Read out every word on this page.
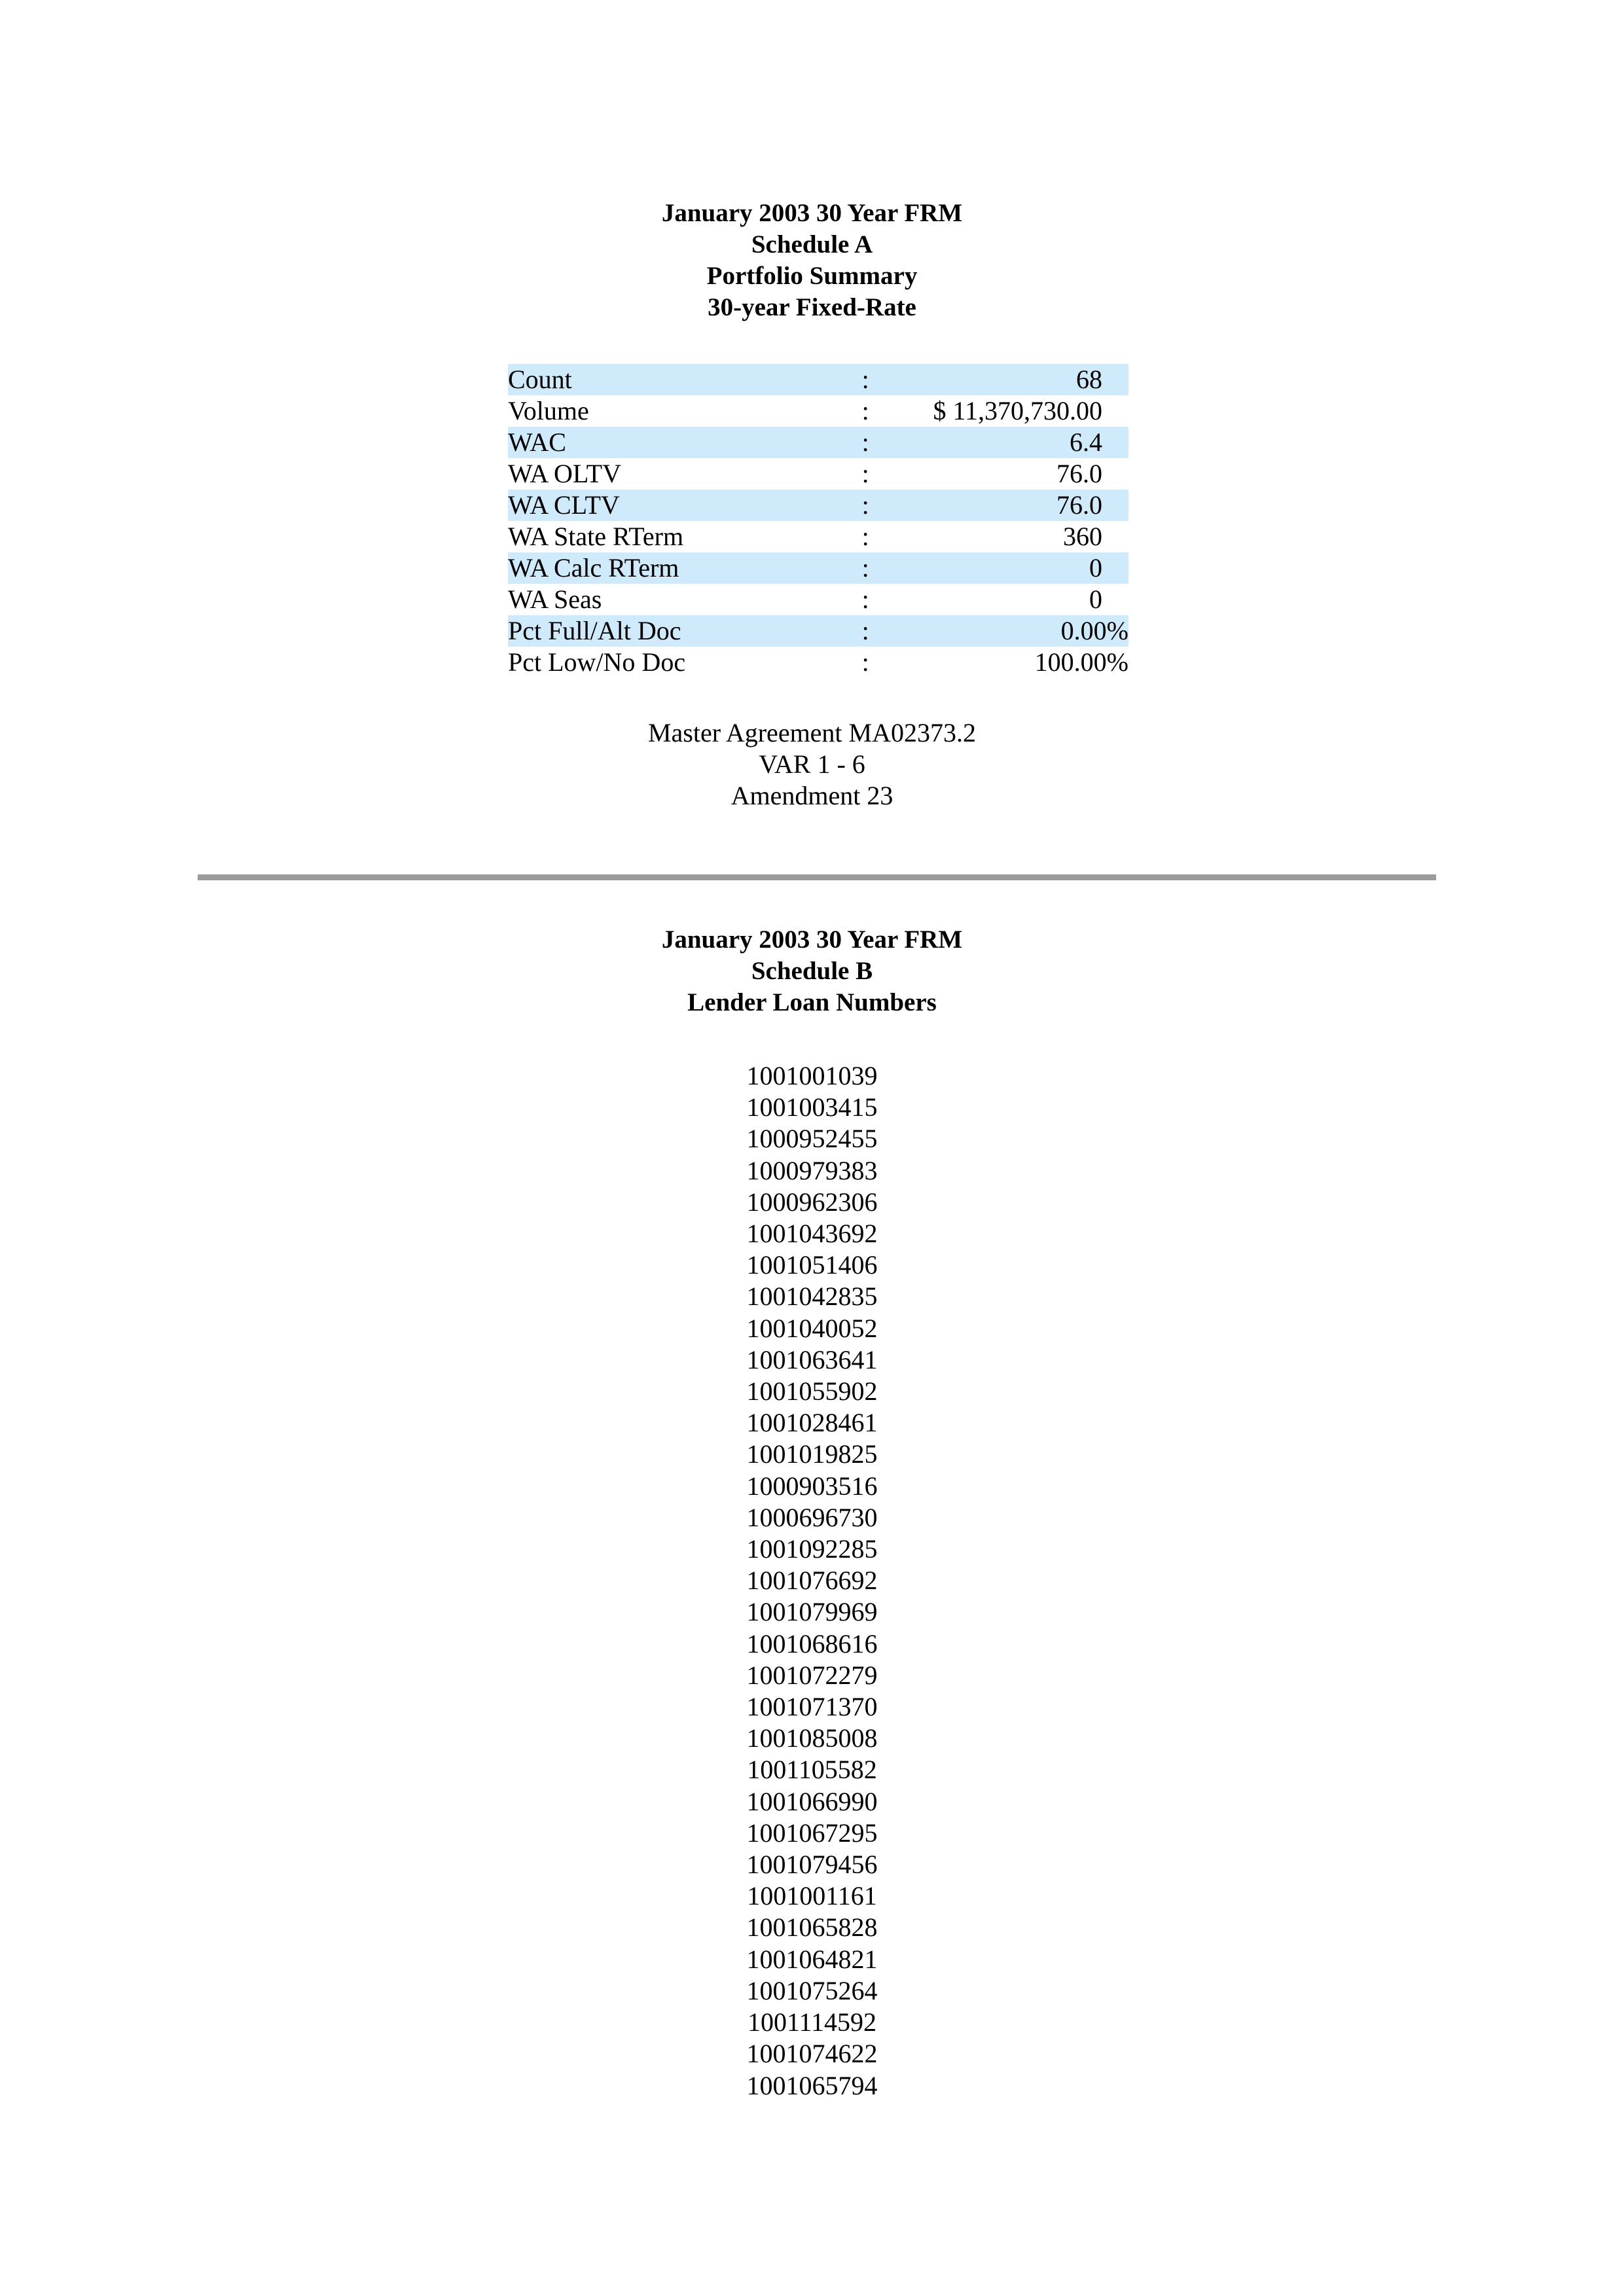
January 2003 30 Year FRM
Schedule A
Portfolio Summary
30-year Fixed-Rate
Count	:	68
Volume	:	$ 11,370,730.00
WAC	:	6.4
WA OLTV	:	76.0
WA CLTV	:	76.0
WA State RTerm	:	360
WA Calc RTerm	:	0
WA Seas	:	0
Pct Full/Alt Doc	:	0.00%
Pct Low/No Doc	:	100.00%
Master Agreement MA02373.2
VAR 1 - 6
Amendment 23
January 2003 30 Year FRM
Schedule B
Lender Loan Numbers
1001001039
1001003415
1000952455
1000979383
1000962306
1001043692
1001051406
1001042835
1001040052
1001063641
1001055902
1001028461
1001019825
1000903516
1000696730
1001092285
1001076692
1001079969
1001068616
1001072279
1001071370
1001085008
1001105582
1001066990
1001067295
1001079456
1001001161
1001065828
1001064821
1001075264
1001114592
1001074622
1001065794
